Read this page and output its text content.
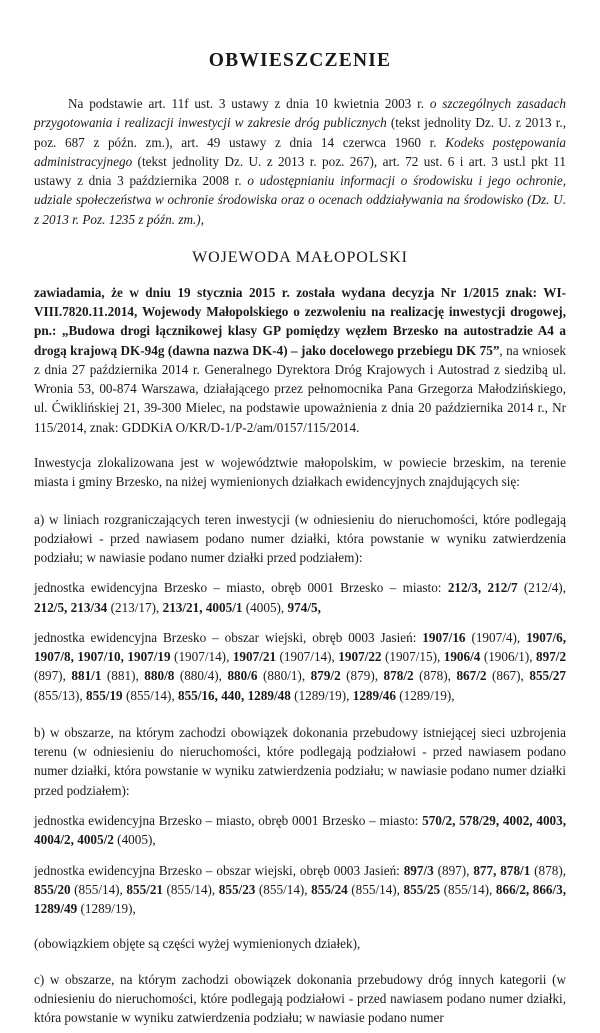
OBWIESZCZENIE

Na podstawie art. 11f ust. 3 ustawy z dnia 10 kwietnia 2003 r. o szczególnych zasadach przygotowania i realizacji inwestycji w zakresie dróg publicznych (tekst jednolity Dz. U. z 2013 r., poz. 687 z późn. zm.), art. 49 ustawy z dnia 14 czerwca 1960 r. Kodeks postępowania administracyjnego (tekst jednolity Dz. U. z 2013 r. poz. 267), art. 72 ust. 6 i art. 3 ust.l pkt 11 ustawy z dnia 3 października 2008 r. o udostępnianiu informacji o środowisku i jego ochronie, udziale społeczeństwa w ochronie środowiska oraz o ocenach oddziaływania na środowisko (Dz. U. z 2013 r. Poz. 1235 z późn. zm.),

WOJEWODA MAŁOPOLSKI

zawiadamia, że w dniu 19 stycznia 2015 r. została wydana decyzja Nr 1/2015 znak: WI-VIII.7820.11.2014, Wojewody Małopolskiego o zezwoleniu na realizację inwestycji drogowej, pn.: „Budowa drogi łącznikowej klasy GP pomiędzy węzłem Brzesko na autostradzie A4 a drogą krajową DK-94g (dawna nazwa DK-4) – jako docelowego przebiegu DK 75”, na wniosek z dnia 27 października 2014 r. Generalnego Dyrektora Dróg Krajowych i Autostrad z siedzibą ul. Wronia 53, 00-874 Warszawa, działającego przez pełnomocnika Pana Grzegorza Małodzińskiego, ul. Ćwiklińskiej 21, 39-300 Mielec, na podstawie upoważnienia z dnia 20 października 2014 r., Nr 115/2014, znak: GDDKiA O/KR/D-1/P-2/am/0157/115/2014.

Inwestycja zlokalizowana jest w województwie małopolskim, w powiecie brzeskim, na terenie miasta i gminy Brzesko, na niżej wymienionych działkach ewidencyjnych znajdujących się:

a) w liniach rozgraniczających teren inwestycji (w odniesieniu do nieruchomości, które podlegają podziałowi - przed nawiasem podano numer działki, która powstanie w wyniku zatwierdzenia podziału; w nawiasie podano numer działki przed podziałem):

jednostka ewidencyjna Brzesko – miasto, obręb 0001 Brzesko – miasto: 212/3, 212/7 (212/4), 212/5, 213/34 (213/17), 213/21, 4005/1 (4005), 974/5,

jednostka ewidencyjna Brzesko – obszar wiejski, obręb 0003 Jasień: 1907/16 (1907/4), 1907/6, 1907/8, 1907/10, 1907/19 (1907/14), 1907/21 (1907/14), 1907/22 (1907/15), 1906/4 (1906/1), 897/2 (897), 881/1 (881), 880/8 (880/4), 880/6 (880/1), 879/2 (879), 878/2 (878), 867/2 (867), 855/27 (855/13), 855/19 (855/14), 855/16, 440, 1289/48 (1289/19), 1289/46 (1289/19),

b) w obszarze, na którym zachodzi obowiązek dokonania przebudowy istniejącej sieci uzbrojenia terenu (w odniesieniu do nieruchomości, które podlegają podziałowi - przed nawiasem podano numer działki, która powstanie w wyniku zatwierdzenia podziału; w nawiasie podano numer działki przed podziałem):

jednostka ewidencyjna Brzesko – miasto, obręb 0001 Brzesko – miasto: 570/2, 578/29, 4002, 4003, 4004/2, 4005/2 (4005),

jednostka ewidencyjna Brzesko – obszar wiejski, obręb 0003 Jasień: 897/3 (897), 877, 878/1 (878), 855/20 (855/14), 855/21 (855/14), 855/23 (855/14), 855/24 (855/14), 855/25 (855/14), 866/2, 866/3, 1289/49 (1289/19),

(obowiązkiem objęte są części wyżej wymienionych działek),

c) w obszarze, na którym zachodzi obowiązek dokonania przebudowy dróg innych kategorii (w odniesieniu do nieruchomości, które podlegają podziałowi - przed nawiasem podano numer działki, która powstanie w wyniku zatwierdzenia podziału; w nawiasie podano numer
